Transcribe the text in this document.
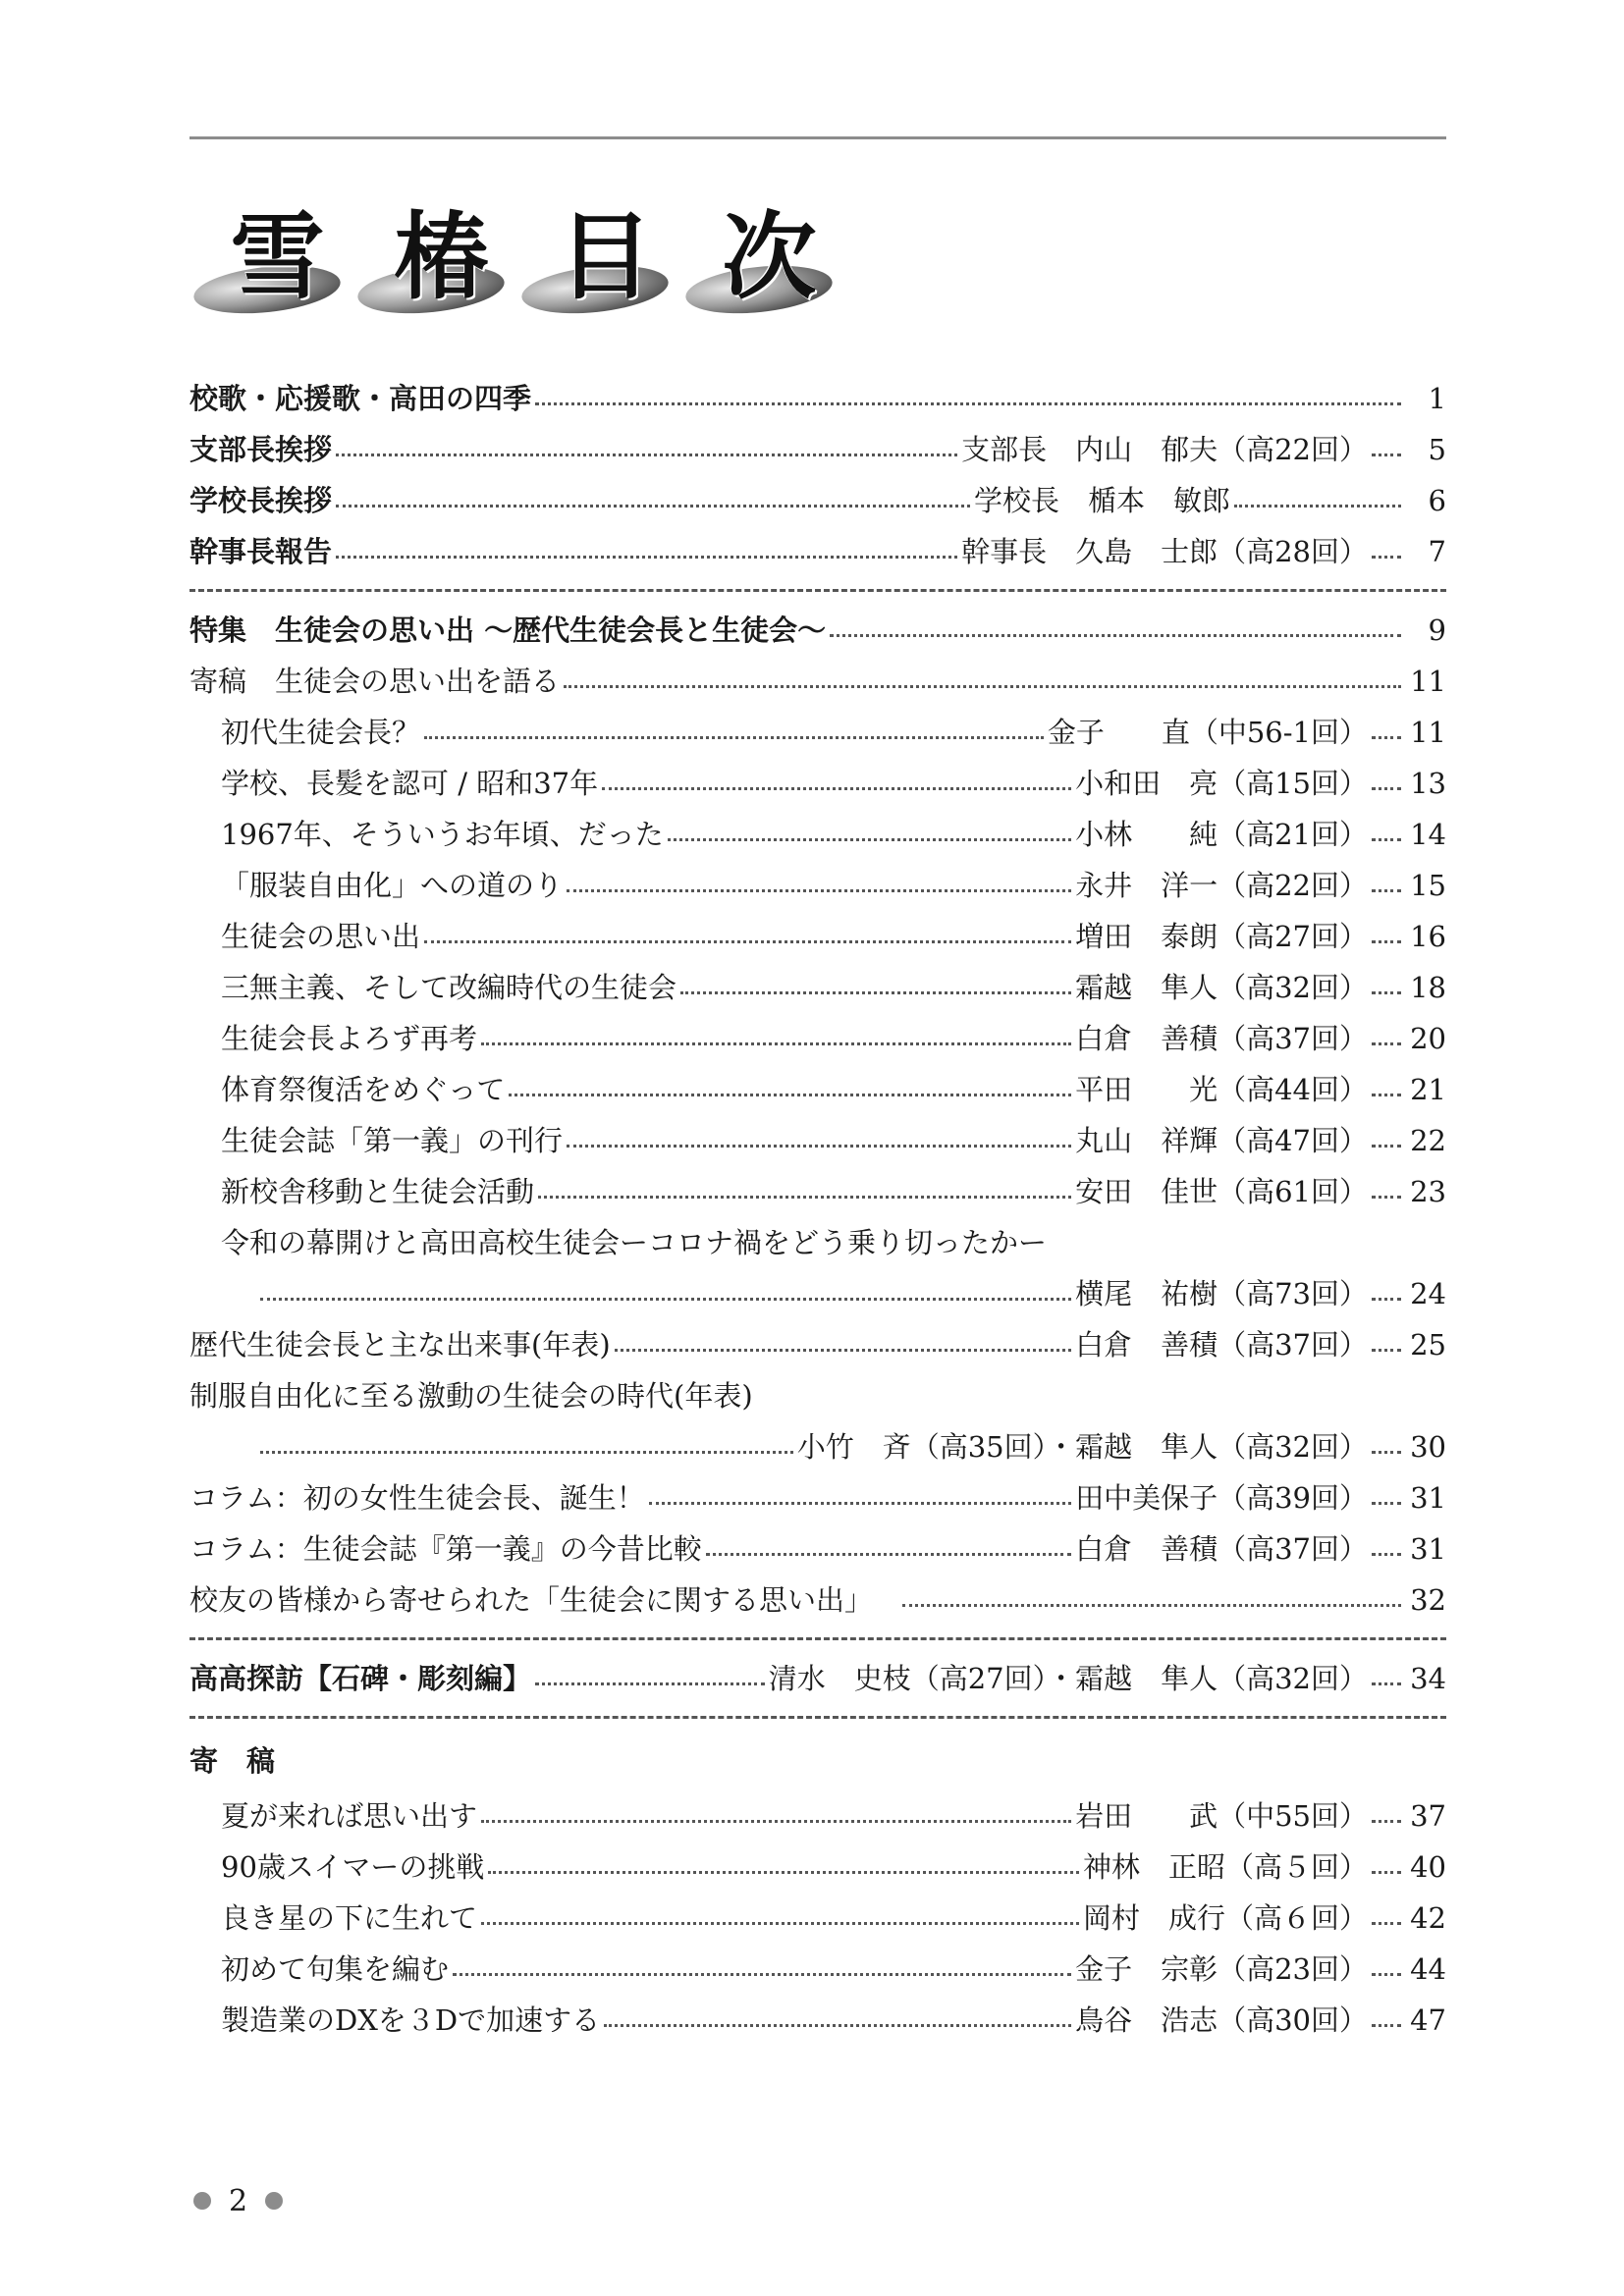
雪 椿 目 次
校歌・応援歌・高田の四季	1
支部長挨拶	支部長　内山　郁夫（高22回）	5
学校長挨拶	学校長　楯本　敏郎	6
幹事長報告	幹事長　久島　士郎（高28回）	7
特集　生徒会の思い出 〜歴代生徒会長と生徒会〜	9
寄稿　生徒会の思い出を語る	11
初代生徒会長？	金子　　直（中56-1回） 11
学校、長髪を認可 / 昭和37年	小和田　亮（高15回） 13
1967年、そういうお年頃、だった	小林　　純（高21回） 14
「服装自由化」への道のり	永井　洋一（高22回） 15
生徒会の思い出	増田　泰朗（高27回） 16
三無主義、そして改編時代の生徒会	霜越　隼人（高32回） 18
生徒会長よろず再考	白倉　善積（高37回） 20
体育祭復活をめぐって	平田　　光（高44回） 21
生徒会誌「第一義」の刊行	丸山　祥輝（高47回） 22
新校舎移動と生徒会活動	安田　佳世（高61回） 23
令和の幕開けと高田高校生徒会ーコロナ禍をどう乗り切ったかー
横尾　祐樹（高73回） 24
歴代生徒会長と主な出来事(年表)	白倉　善積（高37回） 25
制服自由化に至る激動の生徒会の時代(年表)
小竹　斉（高35回）・霜越　隼人（高32回） 30
コラム：初の女性生徒会長、誕生！	田中美保子（高39回） 31
コラム：生徒会誌『第一義』の今昔比較	白倉　善積（高37回） 31
校友の皆様から寄せられた「生徒会に関する思い出」	32
高高探訪【石碑・彫刻編】	清水　史枝（高27回）・霜越　隼人（高32回） 34
寄　稿
夏が来れば思い出す	岩田　　武（中55回） 37
90歳スイマーの挑戦	神林　正昭（高５回） 40
良き星の下に生れて	岡村　成行（高６回） 42
初めて句集を編む	金子　宗彰（高23回） 44
製造業のDXを３Dで加速する	鳥谷　浩志（高30回） 47
2
